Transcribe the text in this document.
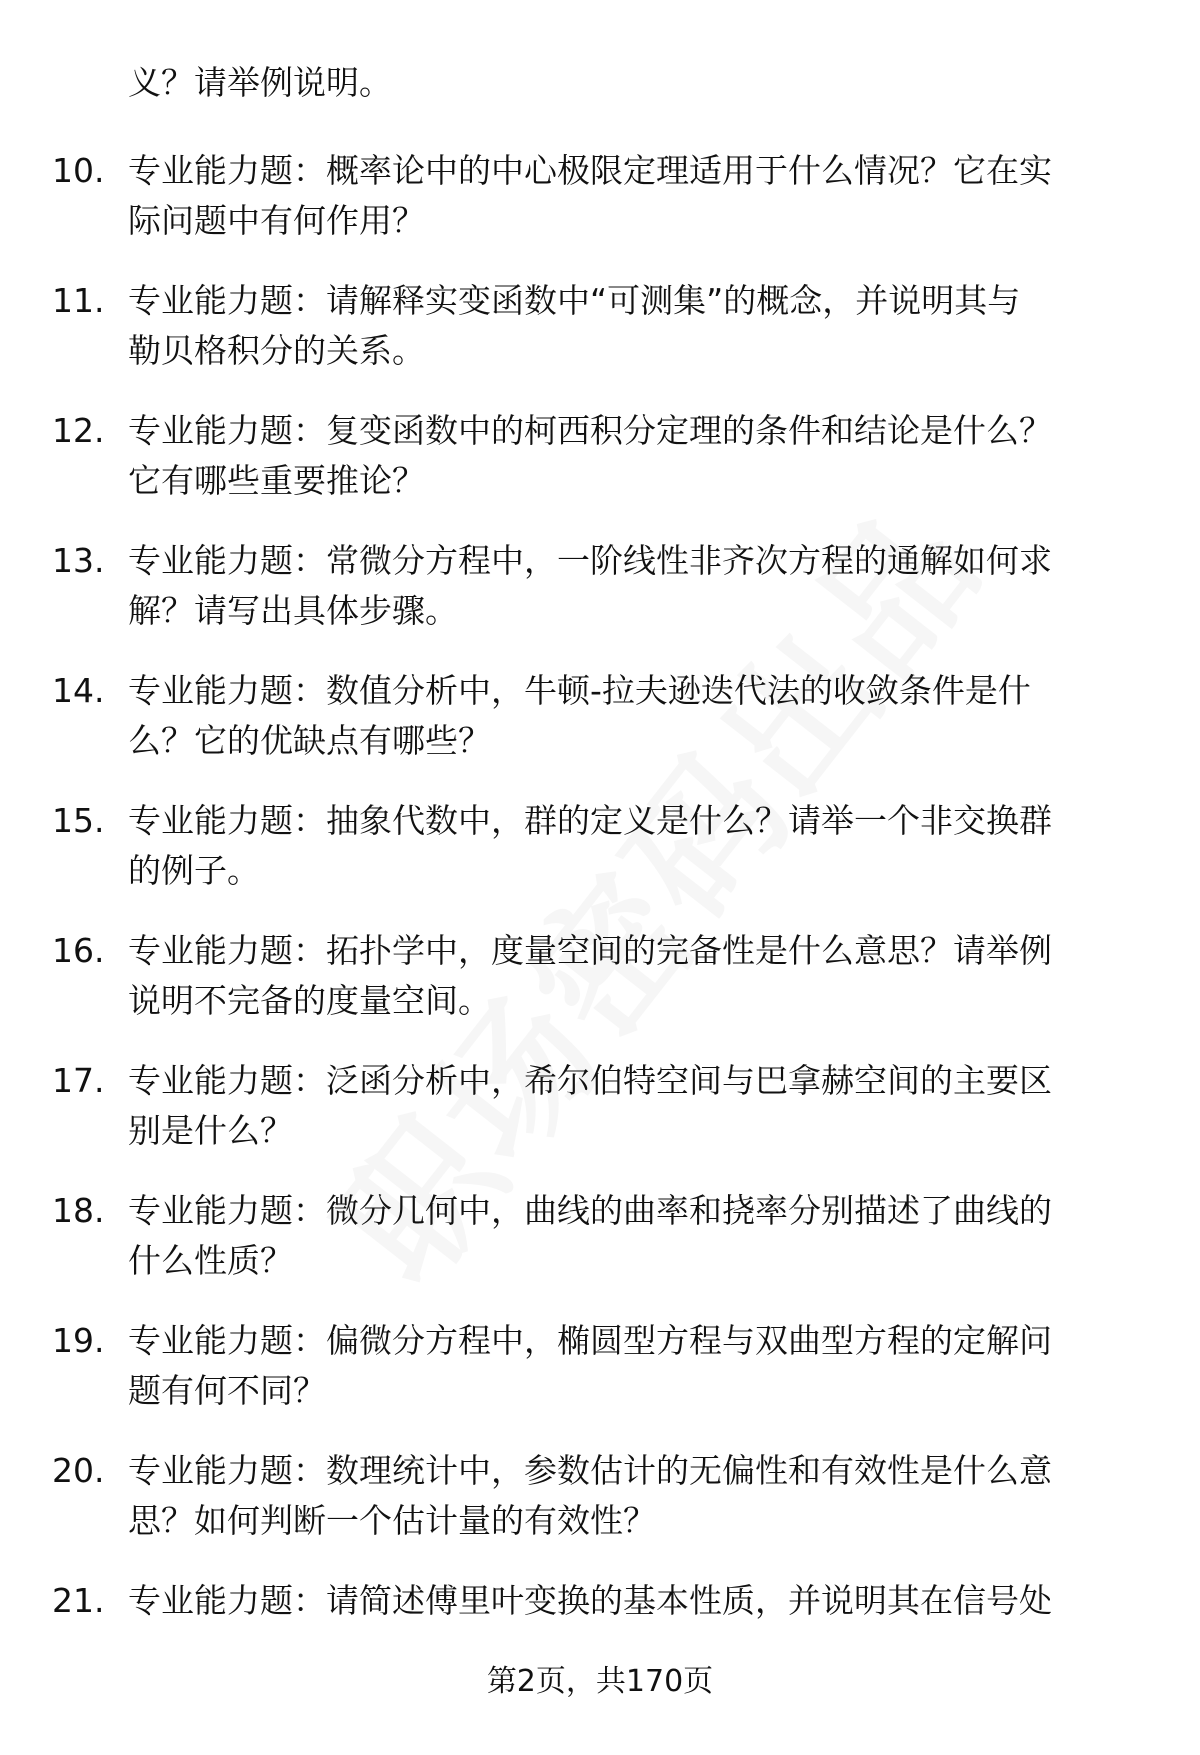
义？请举例说明。
10. 专业能力题：概率论中的中心极限定理适用于什么情况？它在实
际问题中有何作用？
11. 专业能力题：请解释实变函数中“可测集”的概念，并说明其与
勒贝格积分的关系。
12. 专业能力题：复变函数中的柯西积分定理的条件和结论是什么？
它有哪些重要推论？
13. 专业能力题：常微分方程中，一阶线性非齐次方程的通解如何求
解？请写出具体步骤。
14. 专业能力题：数值分析中，牛顿-拉夫逊迭代法的收敛条件是什
么？它的优缺点有哪些？
15. 专业能力题：抽象代数中，群的定义是什么？请举一个非交换群
的例子。
16. 专业能力题：拓扑学中，度量空间的完备性是什么意思？请举例
说明不完备的度量空间。
17. 专业能力题：泛函分析中，希尔伯特空间与巴拿赫空间的主要区
别是什么？
18. 专业能力题：微分几何中，曲线的曲率和挠率分别描述了曲线的
什么性质？
19. 专业能力题：偏微分方程中，椭圆型方程与双曲型方程的定解问
题有何不同？
20. 专业能力题：数理统计中，参数估计的无偏性和有效性是什么意
思？如何判断一个估计量的有效性？
21. 专业能力题：请简述傅里叶变换的基本性质，并说明其在信号处
第2页，共170页
